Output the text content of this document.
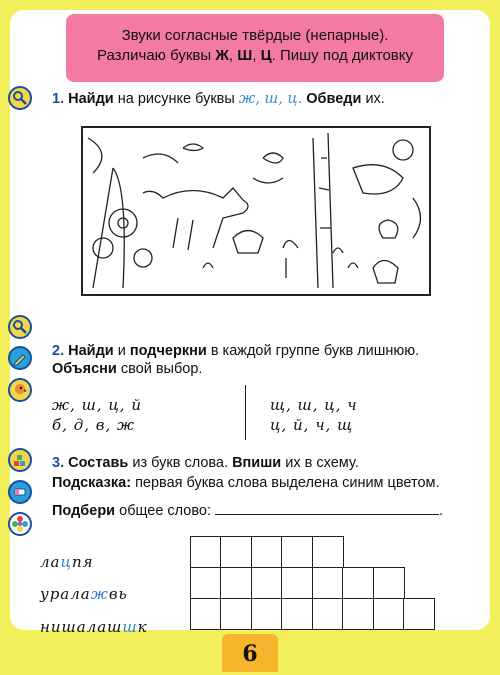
Звуки согласные твёрдые (непарные).
Различаю буквы Ж, Ш, Ц. Пишу под диктовку
1. Найди на рисунке буквы ж, ш, ц. Обведи их.
2. Найди и подчеркни в каждой группе букв лишнюю.
Объясни свой выбор.
ж, ш, ц, й
б, д, в, ж
щ, ш, ц, ч
ц, й, ч, щ
3. Составь из букв слова. Впиши их в схему.
Подсказка: первая буква слова выделена синим цветом.
Подбери общее слово:	.
лацпя
уралажвь
нишалашшк
6
